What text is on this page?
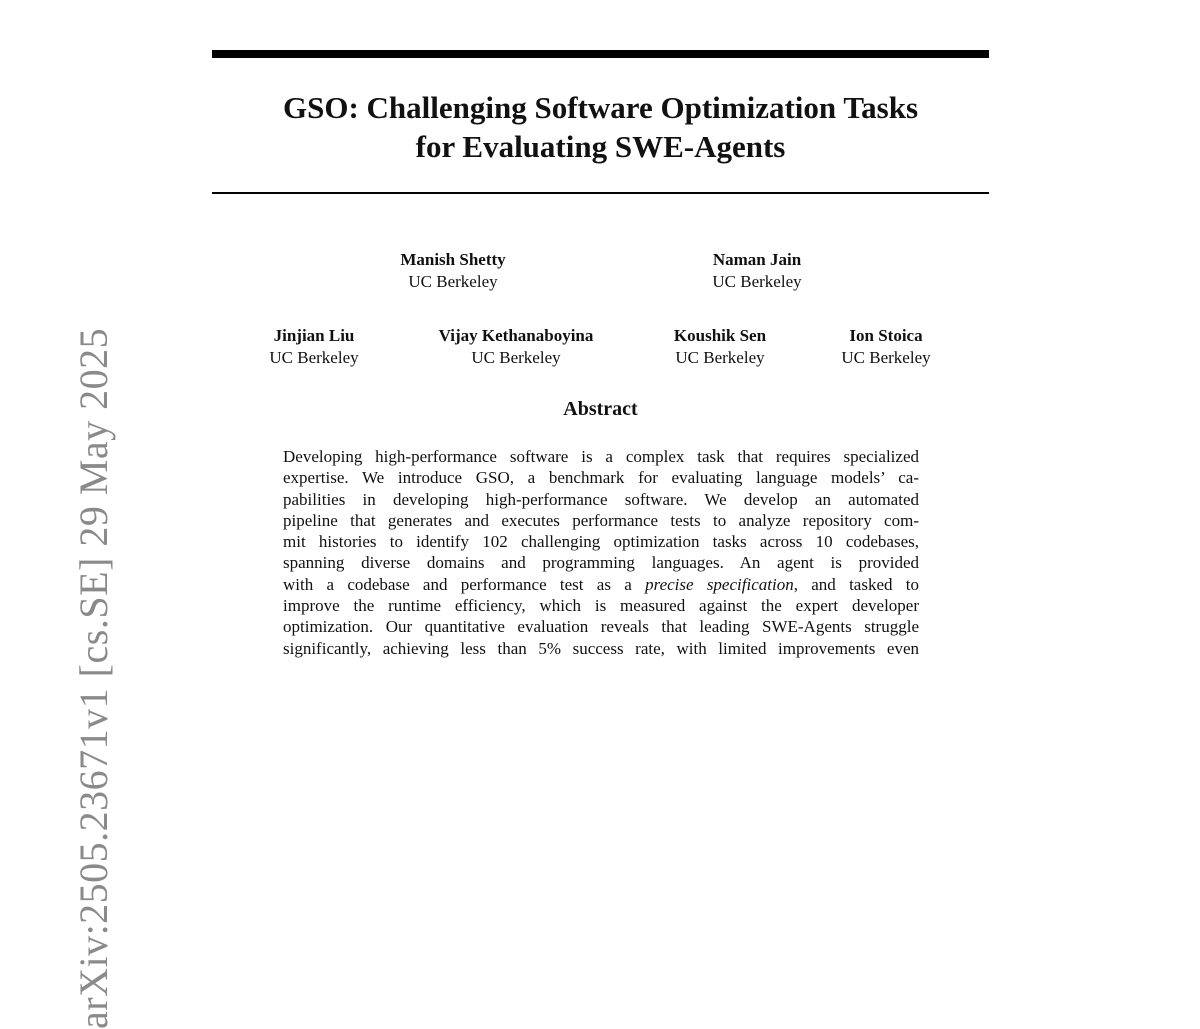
GSO: Challenging Software Optimization Tasks
for Evaluating SWE-Agents
Manish Shetty
UC Berkeley
Naman Jain
UC Berkeley
Jinjian Liu
UC Berkeley
Vijay Kethanaboyina
UC Berkeley
Koushik Sen
UC Berkeley
Ion Stoica
UC Berkeley
Abstract
Developing high-performance software is a complex task that requires specialized
expertise. We introduce GSO, a benchmark for evaluating language models’ ca-
pabilities in developing high-performance software. We develop an automated
pipeline that generates and executes performance tests to analyze repository com-
mit histories to identify 102 challenging optimization tasks across 10 codebases,
spanning diverse domains and programming languages. An agent is provided
with a codebase and performance test as a precise specification, and tasked to
improve the runtime efficiency, which is measured against the expert developer
optimization. Our quantitative evaluation reveals that leading SWE-Agents struggle
significantly, achieving less than 5% success rate, with limited improvements even
arXiv:2505.23671v1 [cs.SE] 29 May 2025
